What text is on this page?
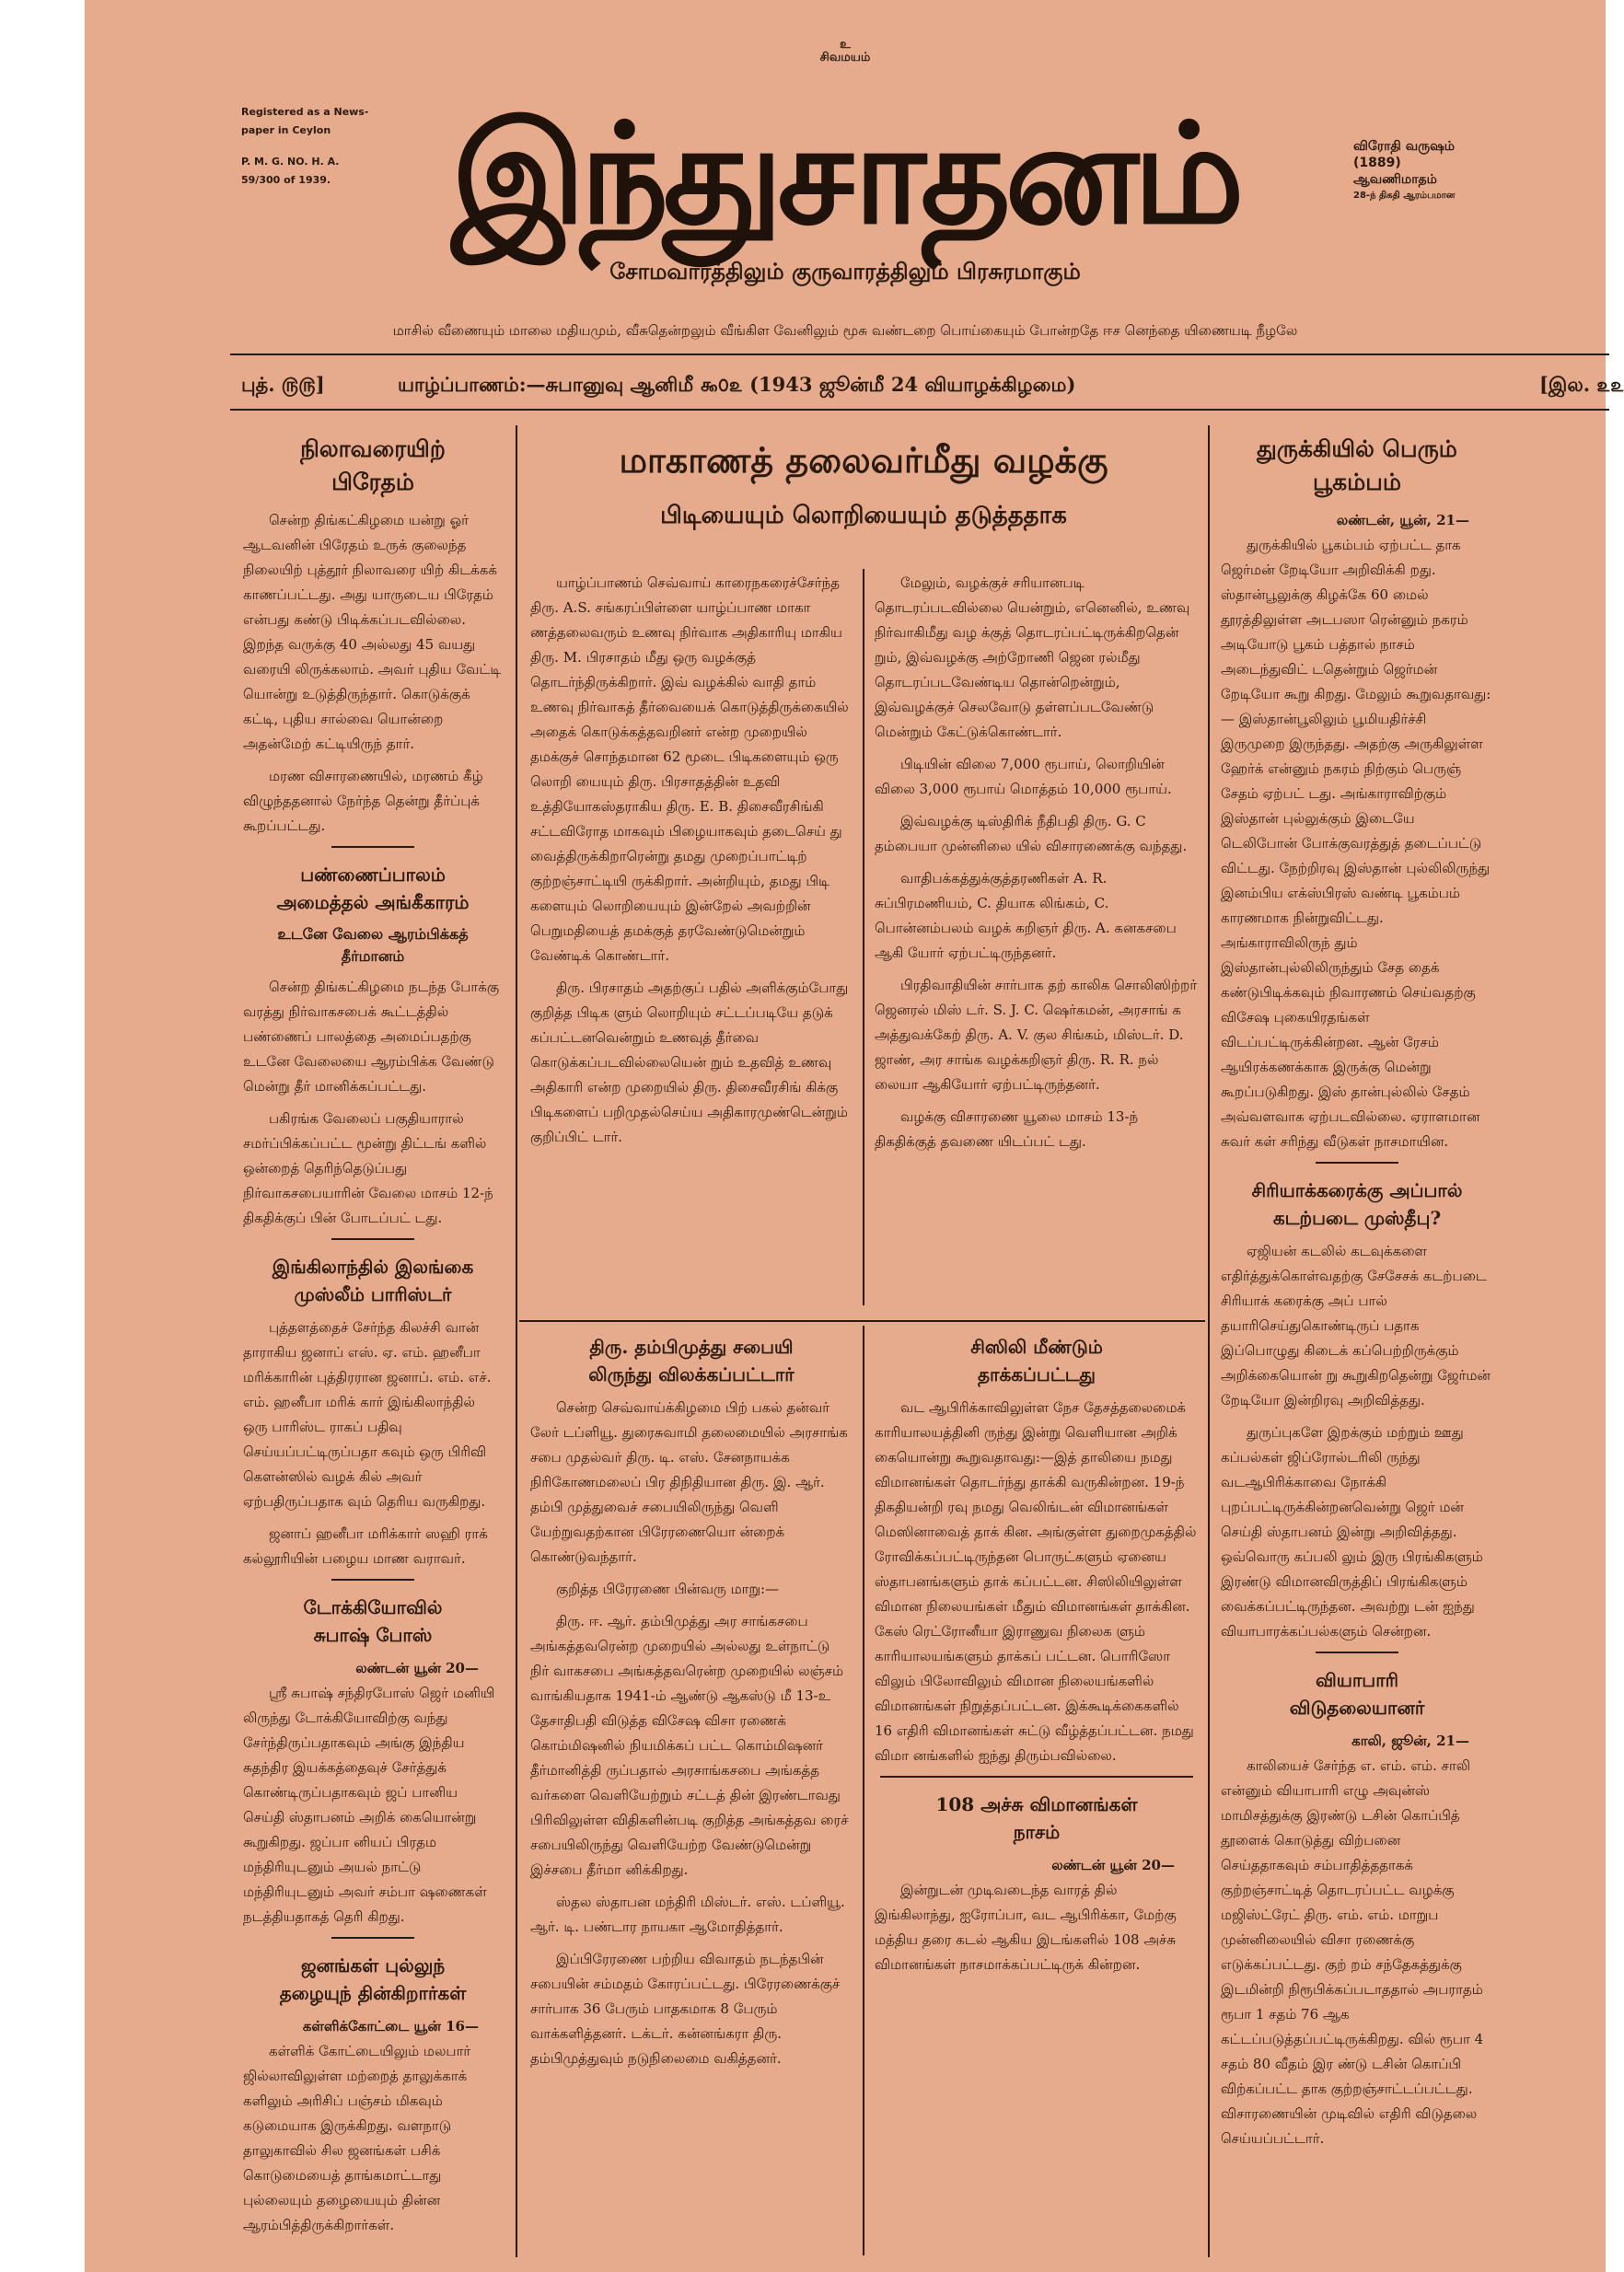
உ
சிவமயம்
Registered as a News-
paper in Ceylon
P. M. G. NO. H. A.
59/300 of 1939. இந்துசாதனம்	விரோதி வருஷம்
(1889)
ஆவணிமாதம்
28-ந் திகதி ஆரம்பமான
சோமவாரத்திலும் குருவாரத்திலும் பிரசுரமாகும்
மாசில் வீணையும் மாலை மதியமும், வீசுதென்றலும் வீங்கிள வேனிலும் மூசு வண்டறை பொய்கையும் போன்றதே ஈச னெந்தை யிணையடி நீழலே
புத். ௫௫]	யாழ்ப்பாணம்:—சுபானுவு ஆனிமீ ௯௦௨ (1943 ஜூன்மீ 24 வியாழக்கிழமை)	[இல. ௨௨
நிலாவரையிற்
பிரேதம்

சென்ற திங்கட்கிழமை யன்று ஓர் ஆடவனின் பிரேதம் உருக் குலைந்த நிலையிற் புத்தூர் நிலாவரை யிற் கிடக்கக் காணப்பட்டது. அது யாருடைய பிரேதம் என்பது கண்டு பிடிக்கப்படவில்லை. இறந்த வருக்கு 40 அல்லது 45 வயது வரையி லிருக்கலாம். அவர் புதிய வேட்டி யொன்று உடுத்திருந்தார். கொடுக்குக் கட்டி, புதிய சால்வை யொன்றை அதன்மேற் கட்டியிருந் தார்.

மரண விசாரணையில், மரணம் கீழ் விழுந்ததனால் நேர்ந்த தென்று தீர்ப்புக் கூறப்பட்டது.

பண்ணைப்பாலம்
அமைத்தல் அங்கீகாரம்
உடனே வேலை ஆரம்பிக்கத்
தீர்மானம்

சென்ற திங்கட்கிழமை நடந்த போக்கு வரத்து நிர்வாகசபைக் கூட்டத்தில் பண்ணைப் பாலத்தை அமைப்பதற்கு உடனே வேலையை ஆரம்பிக்க வேண்டு மென்று தீர் மானிக்கப்பட்டது.

பகிரங்க வேலைப் பகுதியாரால் சமர்ப்பிக்கப்பட்ட மூன்று திட்டங் களில் ஒன்றைத் தெரிந்தெடுப்பது நிர்வாகசபையாரின் வேலை மாசம் 12-ந் திகதிக்குப் பின் போடப்பட் டது.

இங்கிலாந்தில் இலங்கை
முஸ்லீம் பாரிஸ்டர்

புத்தளத்தைச் சேர்ந்த கிலச்சி வான் தாராகிய ஜனாப் எஸ். ஏ. எம். ஹனீபா மரிக்காரின் புத்திரரான ஜனாப். எம். எச். எம். ஹனீபா மரிக் கார் இங்கிலாந்தில் ஒரு பாரிஸ்ட ராகப் பதிவு செய்யப்பட்டிருப்பதா கவும் ஒரு பிரிவி கௌன்ஸில் வழக் கில் அவர் ஏற்பதிருப்பதாக வும் தெரிய வருகிறது.

ஜனாப் ஹனீபா மரிக்கார் ஸஹி ராக் கல்லூரியின் பழைய மாண வராவர்.

டோக்கியோவில்
சுபாஷ் போஸ்
லண்டன் யூன் 20—

ஸ்ரீ சுபாஷ் சந்திரபோஸ் ஜெர் மனியி லிருந்து டோக்கியோவிற்கு வந்து சேர்ந்திருப்பதாகவும் அங்கு இந்திய சுதந்திர இயக்கத்தைவுச் சேர்த்துக் கொண்டிருப்பதாகவும் ஜப் பானிய செய்தி ஸ்தாபனம் அறிக் கையொன்று கூறுகிறது. ஜப்பா னியப் பிரதம மந்திரியுடனும் அயல் நாட்டு மந்திரியுடனும் அவர் சம்பா ஷணைகள் நடத்தியதாகத் தெரி கிறது.

ஜனங்கள் புல்லுந்
தழையுந் தின்கிறார்கள்
கள்ளிக்கோட்டை யூன் 16—

கள்ளிக் கோட்டையிலும் மலபார் ஜில்லாவிலுள்ள மற்றைத் தாலுக்காக் களிலும் அரிசிப் பஞ்சம் மிகவும் கடுமையாக இருக்கிறது. வளநாடு தாலுகாவில் சில ஜனங்கள் பசிக் கொடுமையைத் தாங்கமாட்டாது புல்லையும் தழையையும் தின்ன ஆரம்பித்திருக்கிறார்கள்.

மாகாணத் தலைவர்மீது வழக்கு
பிடியையும் லொறியையும் தடுத்ததாக

யாழ்ப்பாணம் செவ்வாய் காரைநகரைச்சேர்ந்த திரு. A.S. சங்கரப்பிள்ளை யாழ்ப்பாண மாகா ணத்தலைவரும் உணவு நிர்வாக அதிகாரியு மாகிய திரு. M. பிரசாதம் மீது ஒரு வழக்குத் தொடர்ந்திருக்கிறார். இவ் வழக்கில் வாதி தாம் உணவு நிர்வாகத் தீர்வையைக் கொடுத்திருக்கையில் அதைக் கொடுக்கத்தவறினர் என்ற முறையில் தமக்குச் சொந்தமான 62 மூடை பிடிகளையும் ஒரு லொறி யையும் திரு. பிரசாதத்தின் உதவி உத்தியோகஸ்தராகிய திரு. E. B. திசைவீரசிங்கி சட்டவிரோத மாகவும் பிழையாகவும் தடைசெய் து வைத்திருக்கிறாரென்று தமது முறைப்பாட்டிற் குற்றஞ்சாட்டியி ருக்கிறார். அன்றியும், தமது பிடி களையும் லொறியையும் இன்றேல் அவற்றின் பெறுமதியைத் தமக்குத் தரவேண்டுமென்றும் வேண்டிக் கொண்டார்.

திரு. பிரசாதம் அதற்குப் பதில் அளிக்கும்போது குறித்த பிடிக ளும் லொறியும் சட்டப்படியே தடுக் கப்பட்டனவென்றும் உணவுத் தீர்வை கொடுக்கப்படவில்லையென் றும் உதவித் உணவு அதிகாரி என்ற முறையில் திரு. திசைவீரசிங் கிக்கு பிடிகளைப் பறிமுதல்செய்ய அதிகாரமுண்டென்றும் குறிப்பிட் டார்.

மேலும், வழக்குச் சரியானபடி தொடரப்படவில்லை யென்றும், எனெனில், உணவு நிர்வாகிமீது வழ க்குத் தொடரப்பட்டிருக்கிறதென் றும், இவ்வழக்கு அற்றோணி ஜென ரல்மீது தொடரப்படவேண்டிய தொன்றென்றும், இவ்வழக்குச் செலவோடு தள்ளப்படவேண்டு மென்றும் கேட்டுக்கொண்டார்.

பிடியின் விலை 7,000 ரூபாய், லொறியின் விலை 3,000 ரூபாய் மொத்தம் 10,000 ரூபாய்.

இவ்வழக்கு டிஸ்திரிக் நீதிபதி திரு. G. C தம்பையா முன்னிலை யில் விசாரணைக்கு வந்தது.

வாதிபக்கத்துக்குத்தரணிகள் A. R. சுப்பிரமணியம், C. தியாக லிங்கம், C. பொன்னம்பலம் வழக் கறிஞர் திரு. A. கனகசபை ஆகி யோர் ஏற்பட்டிருந்தனர்.

பிரதிவாதியின் சார்பாக தற் காலிக சொலிஸிற்றர் ஜெனரல் மிஸ் டர். S. J. C. ஷெர்கமன், அரசாங் க அத்துவக்கேற் திரு. A. V. குல சிங்கம், மிஸ்டர். D. ஜாண், அர சாங்க வழக்கறிஞர் திரு. R. R. நல் லையா ஆகியோர் ஏற்பட்டிருந்தனர்.

வழக்கு விசாரணை யூலை மாசம் 13-ந் திகதிக்குத் தவணை யிடப்பட் டது.

திரு. தம்பிமுத்து சபையி
லிருந்து விலக்கப்பட்டார்

சென்ற செவ்வாய்க்கிழமை பிற் பகல் தன்வர் லேர் டப்ளியூ. துரைசுவாமி தலைமையில் அரசாங்க சபை முதல்வர் திரு. டி. எஸ். சேனநாயக்க நிரிகோணமலைப் பிர திநிதியான திரு. இ. ஆர். தம்பி முத்துவைச் சபையிலிருந்து வெளி யேற்றுவதற்கான பிரேரணையொ ன்றைக் கொண்டுவந்தார்.

குறித்த பிரேரணை பின்வரு மாறு:—

திரு. ஈ. ஆர். தம்பிமுத்து அர சாங்கசபை அங்கத்தவரென்ற முறையில் அல்லது உள்நாட்டு நிர் வாகசபை அங்கத்தவரென்ற முறையில் லஞ்சம் வாங்கியதாக 1941-ம் ஆண்டு ஆகஸ்டு மீ 13-உ தேசாதிபதி விடுத்த விசேஷ விசா ரணைக் கொம்மிஷனில் நியமிக்கப் பட்ட கொம்மிஷனர் தீர்மானித்தி ருப்பதால் அரசாங்கசபை அங்கத்த வர்களை வெளியேற்றும் சட்டத் தின் இரண்டாவது பிரிவிலுள்ள விதிகளின்படி குறித்த அங்கத்தவ ரைச் சபையிலிருந்து வெளியேற்ற வேண்டுமென்று இச்சபை தீர்மா னிக்கிறது.

ஸ்தல ஸ்தாபன மந்திரி மிஸ்டர். எஸ். டப்ளியூ. ஆர். டி. பண்டார நாயகா ஆமோதித்தார்.

இப்பிரேரணை பற்றிய விவாதம் நடந்தபின் சபையின் சம்மதம் கோரப்பட்டது. பிரேரணைக்குச் சார்பாக 36 பேரும் பாதகமாக 8 பேரும் வாக்களித்தனர். டக்டர். கன்னங்கரா திரு. தம்பிமுத்துவும் நடுநிலைமை வகித்தனர்.

சிஸிலி மீண்டும்
தாக்கப்பட்டது

வட ஆபிரிக்காவிலுள்ள நேச தேசத்தலைமைக் காரியாலயத்தினி ருந்து இன்று வெளியான அறிக் கையொன்று கூறுவதாவது:—இத் தாலியை நமது விமானங்கள் தொடர்ந்து தாக்கி வருகின்றன. 19-ந் திகதியன்றி ரவு நமது வெலிங்டன் விமானங்கள் மெஸினாவைத் தாக் கின. அங்குள்ள துறைமுகத்தில் ரோவிக்கப்பட்டிருந்தன பொருட்களும் ஏனைய ஸ்தாபனங்களும் தாக் கப்பட்டன. சிஸிலியிலுள்ள விமான நிலையங்கள் மீதும் விமானங்கள் தாக்கின. கேஸ் ரெட்ரோனீயா இராணுவ நிலைக ளும் காரியாலயங்களும் தாக்கப் பட்டன. பொரிஸோ விலும் பிலோவிலும் விமான நிலையங்களில் விமானங்கள் நிறுத்தப்பட்டன. இக்கூடிக்கைகளில் 16 எதிரி விமானங்கள் சுட்டு வீழ்த்தப்பட்டன. நமது விமா னங்களில் ஐந்து திரும்பவில்லை.

108 அச்சு விமானங்கள்
நாசம்
லண்டன் யூன் 20—

இன்றுடன் முடிவடைந்த வாரத் தில் இங்கிலாந்து, ஐரோப்பா, வட ஆபிரிக்கா, மேற்கு மத்திய தரை கடல் ஆகிய இடங்களில் 108 அச்சு விமானங்கள் நாசமாக்கப்பட்டிருக் கின்றன.

துருக்கியில் பெரும்
பூகம்பம்
லண்டன், யூன், 21—

துருக்கியில் பூகம்பம் ஏற்பட்ட தாக ஜெர்மன் றேடியோ அறிவிக்கி றது. ஸ்தான்பூலுக்கு கிழக்கே 60 மைல் தூரத்திலுள்ள அடபஸா ரென்னும் நகரம் அடியோடு பூகம் பத்தால் நாசம் அடைந்துவிட் டதென்றும் ஜெர்மன் றேடியோ கூறு கிறது. மேலும் கூறுவதாவது:— இஸ்தான்பூலிலும் பூமியதிர்ச்சி இருமுறை இருந்தது. அதற்கு அருகிலுள்ள ஹேர்க் என்னும் நகரம் நிற்கும் பெருஞ் சேதம் ஏற்பட் டது. அங்காராவிற்கும் இஸ்தான் புல்லுக்கும் இடையே டெலிபோன் போக்குவரத்துத் தடைப்பட்டு விட்டது. நேற்றிரவு இஸ்தான் புல்லிலிருந்து இனம்பிய எக்ஸ்பிரஸ் வண்டி பூகம்பம் காரணமாக நின்றுவிட்டது. அங்காராவிலிருந் தும் இஸ்தான்புல்லிலிருந்தும் சேத தைக் கண்டுபிடிக்கவும் நிவாரணம் செய்வதற்கு விசேஷ புகையிரதங்கள் விடப்பட்டிருக்கின்றன. ஆன் ரேசம் ஆயிரக்கணக்காக இருக்கு மென்று கூறப்படுகிறது. இஸ் தான்புல்லில் சேதம் அவ்வளவாக ஏற்படவில்லை. ஏராளமான சுவர் கள் சரிந்து வீடுகள் நாசமாயின.

சிரியாக்கரைக்கு அப்பால்
கடற்படை முஸ்தீபு?

ஏஜியன் கடலில் கடவுக்களை எதிர்த்துக்கொள்வதற்கு சேசேசக் கடற்படை சிரியாக் கரைக்கு அப் பால் தயாரிசெய்துகொண்டிருப் பதாக இப்பொழுது கிடைக் கப்பெற்றிருக்கும் அறிக்கையொன் று கூறுகிறதென்று ஜேர்மன் றேடியோ இன்றிரவு அறிவித்தது.

துருப்புகளே இறக்கும் மற்றும் ஊது கப்பல்கள் ஜிப்ரோல்டரிலி ருந்து வடஆபிரிக்காவை நோக்கி புறப்பட்டிருக்கின்றனவென்று ஜெர் மன் செய்தி ஸ்தாபனம் இன்று அறிவித்தது. ஒவ்வொரு கப்பலி லும் இரு பிரங்கிகளும் இரண்டு விமானவிருத்திப் பிரங்கிகளும் வைக்கப்பட்டிருந்தன. அவற்று டன் ஐந்து வியாபாரக்கப்பல்களும் சென்றன.

வியாபாரி
விடுதலையானர்
காலி, ஜூன், 21—

காலியைச் சேர்ந்த எ. எம். எம். சாலி என்னும் வியாபாரி எழு அவுன்ஸ் மாமிசத்துக்கு இரண்டு டசின் கொப்பித் தூளைக் கொடுத்து விற்பனை செய்ததாகவும் சம்பாதித்ததாகக் குற்றஞ்சாட்டித் தொடரப்பட்ட வழக்கு மஜிஸ்ட்ரேட் திரு. எம். எம். மாறுப முன்னிலையில் விசா ரணைக்கு எடுக்கப்பட்டது. குற் றம் சந்தேகத்துக்கு இடமின்றி நிரூபிக்கப்படாததால் அபராதம் ரூபா 1 சதம் 76 ஆக கட்டப்படுத்தப்பட்டிருக்கிறது. வில் ரூபா 4 சதம் 80 வீதம் இர ண்டு டசின் கொப்பி விற்கப்பட்ட தாக குற்றஞ்சாட்டப்பட்டது. விசாரணையின் முடிவில் எதிரி விடுதலை செய்யப்பட்டார்.
